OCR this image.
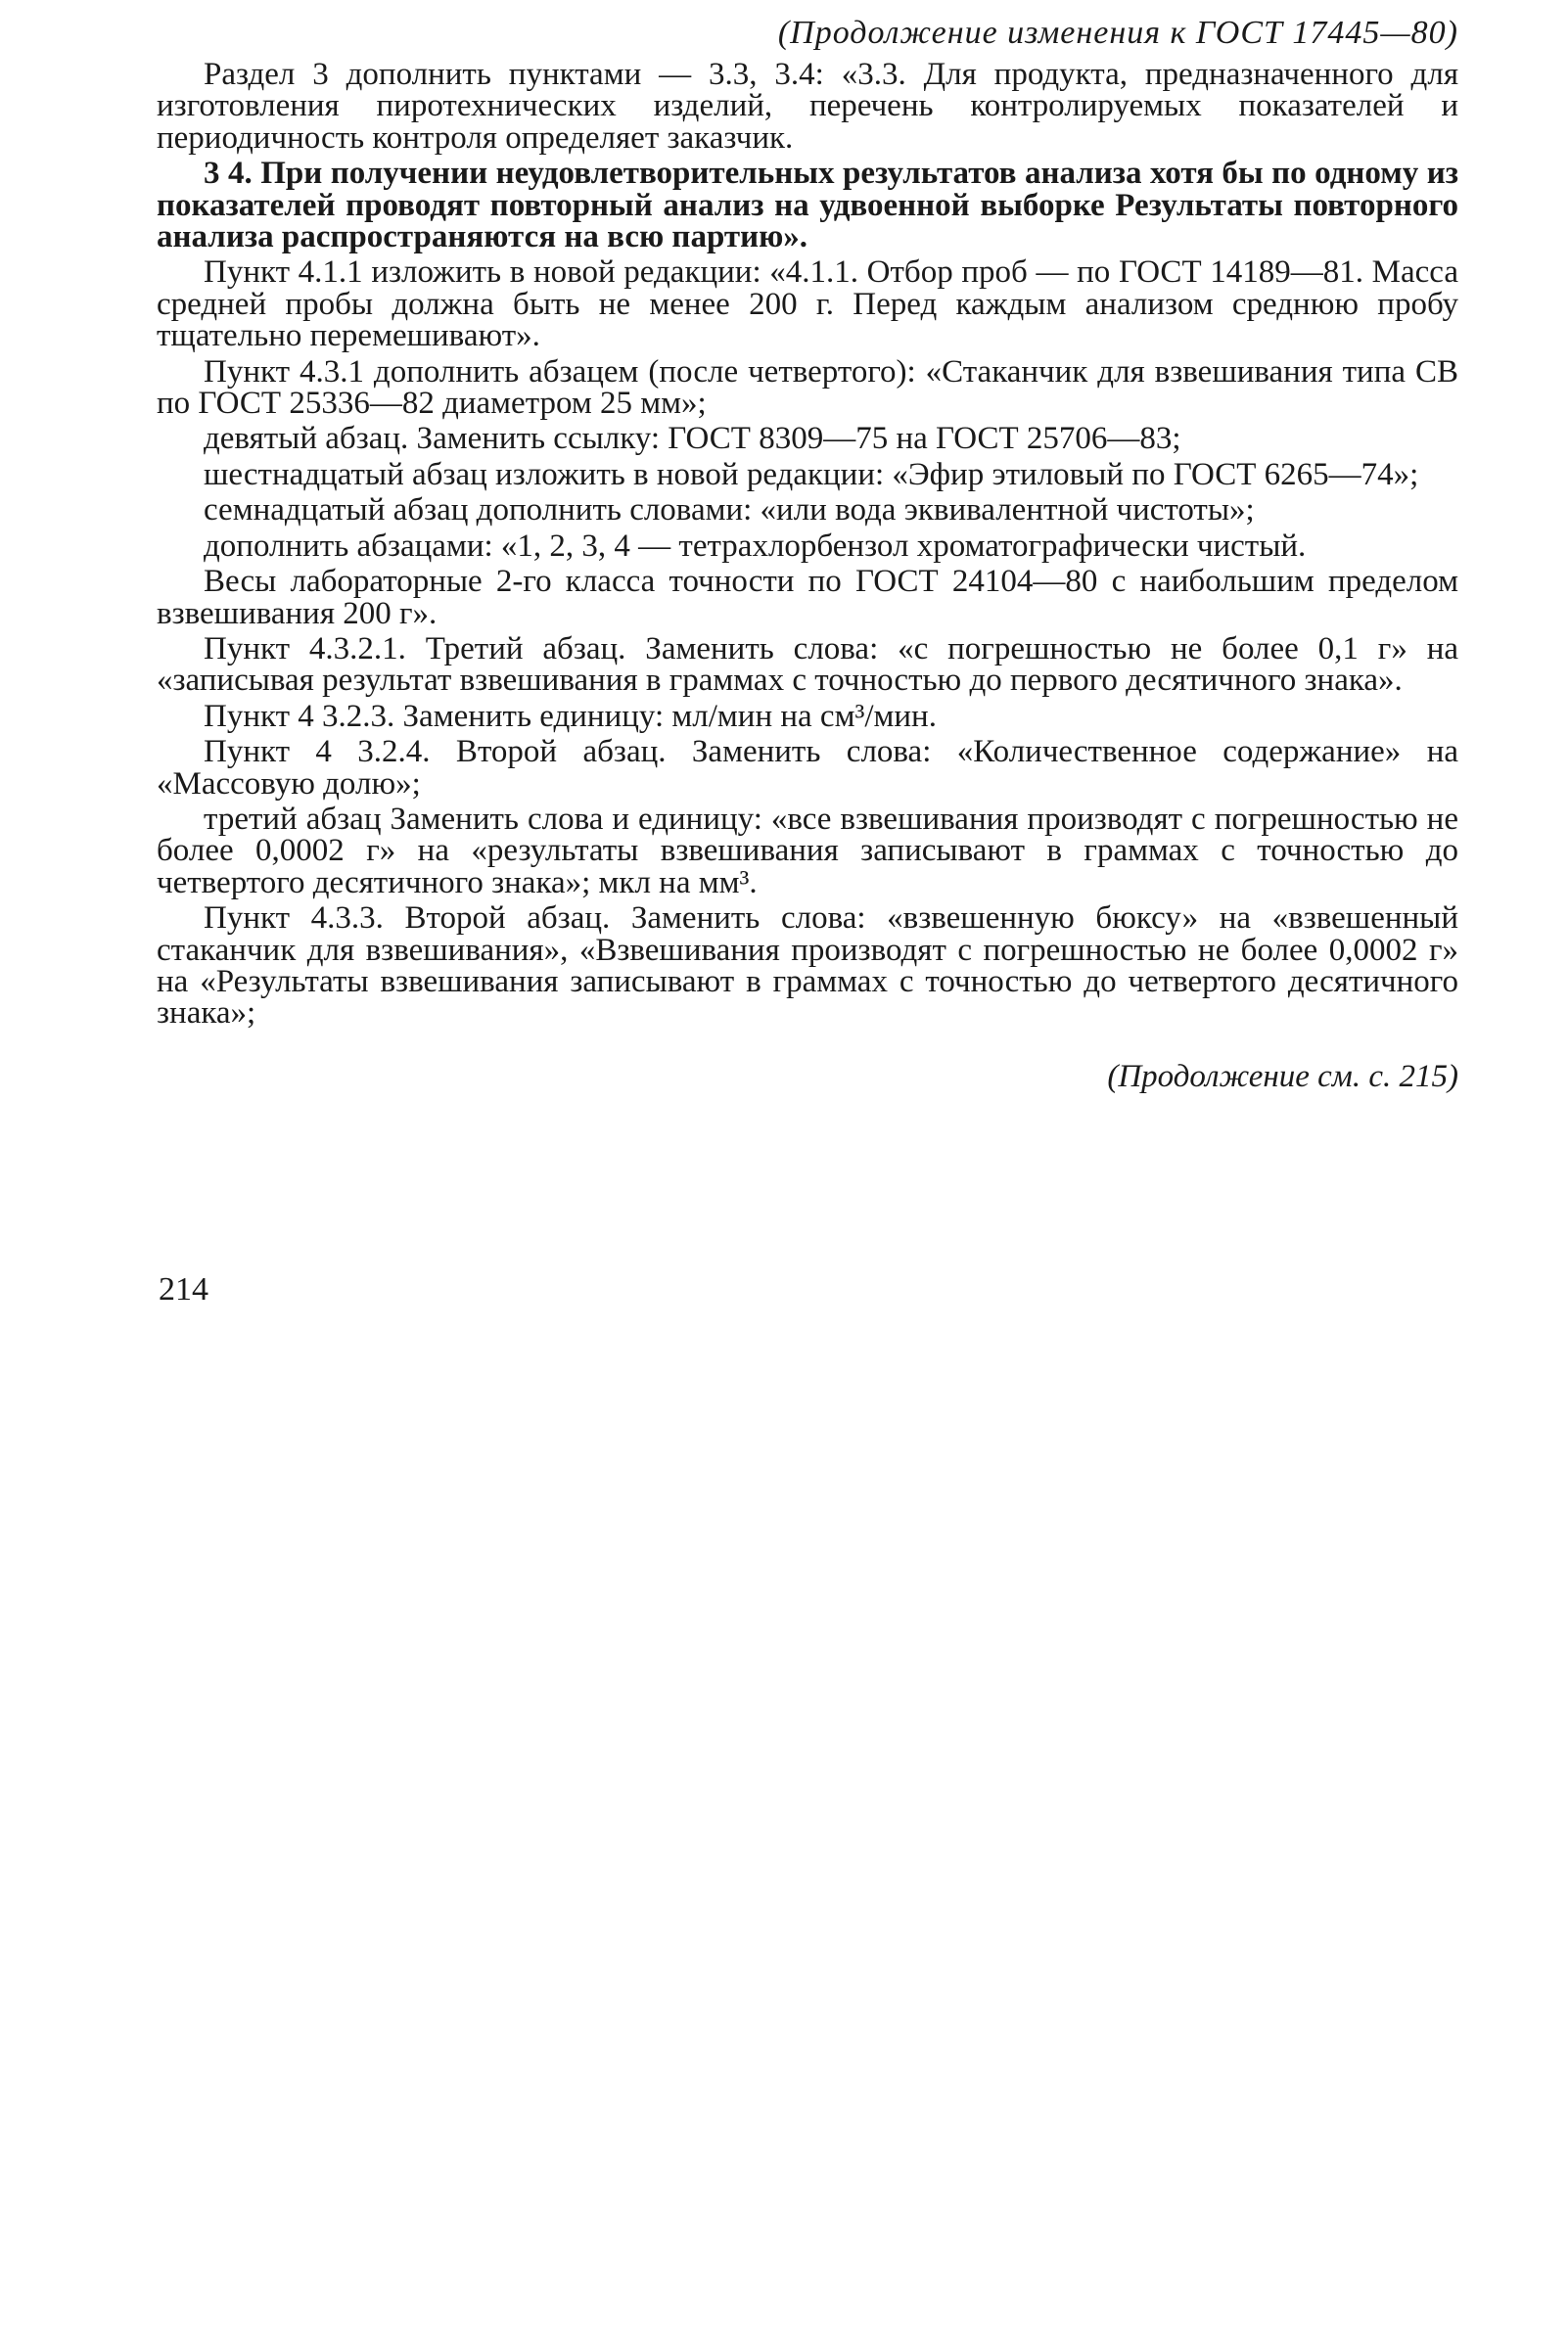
(Продолжение изменения к ГОСТ 17445—80)

Раздел 3 дополнить пунктами — 3.3, 3.4: «3.3. Для продукта, предназначенного для изготовления пиротехнических изделий, перечень контролируемых показателей и периодичность контроля определяет заказчик.

3 4. При получении неудовлетворительных результатов анализа хотя бы по одному из показателей проводят повторный анализ на удвоенной выборке Результаты повторного анализа распространяются на всю партию».

Пункт 4.1.1 изложить в новой редакции: «4.1.1. Отбор проб — по ГОСТ 14189—81. Масса средней пробы должна быть не менее 200 г. Перед каждым анализом среднюю пробу тщательно перемешивают».

Пункт 4.3.1 дополнить абзацем (после четвертого): «Стаканчик для взвешивания типа СВ по ГОСТ 25336—82 диаметром 25 мм»;

девятый абзац. Заменить ссылку: ГОСТ 8309—75 на ГОСТ 25706—83;

шестнадцатый абзац изложить в новой редакции: «Эфир этиловый по ГОСТ 6265—74»;

семнадцатый абзац дополнить словами: «или вода эквивалентной чистоты»;

дополнить абзацами: «1, 2, 3, 4 — тетрахлорбензол хроматографически чистый.

Весы лабораторные 2-го класса точности по ГОСТ 24104—80 с наибольшим пределом взвешивания 200 г».

Пункт 4.3.2.1. Третий абзац. Заменить слова: «с погрешностью не более 0,1 г» на «записывая результат взвешивания в граммах с точностью до первого десятичного знака».

Пункт 4 3.2.3. Заменить единицу: мл/мин на см³/мин.

Пункт 4 3.2.4. Второй абзац. Заменить слова: «Количественное содержание» на «Массовую долю»;

третий абзац Заменить слова и единицу: «все взвешивания производят с погрешностью не более 0,0002 г» на «результаты взвешивания записывают в граммах с точностью до четвертого десятичного знака»; мкл на мм³.

Пункт 4.3.3. Второй абзац. Заменить слова: «взвешенную бюксу» на «взвешенный стаканчик для взвешивания», «Взвешивания производят с погрешностью не более 0,0002 г» на «Результаты взвешивания записывают в граммах с точностью до четвертого десятичного знака»;

(Продолжение см. с. 215)

214
